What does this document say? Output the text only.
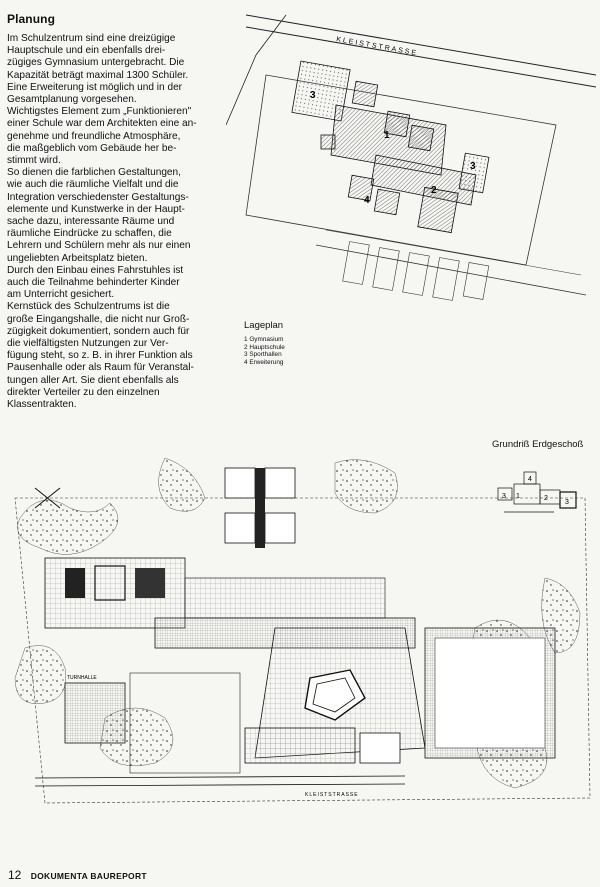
Planung

Im Schulzentrum sind eine dreizügige
Hauptschule und ein ebenfalls drei-
zügiges Gymnasium untergebracht. Die
Kapazität beträgt maximal 1300 Schüler.
Eine Erweiterung ist möglich und in der
Gesamtplanung vorgesehen.
Wichtigstes Element zum „Funktionieren"
einer Schule war dem Architekten eine an-
genehme und freundliche Atmosphäre,
die maßgeblich vom Gebäude her be-
stimmt wird.

So dienen die farblichen Gestaltungen,
wie auch die räumliche Vielfalt und die
Integration verschiedenster Gestaltungs-
elemente und Kunstwerke in der Haupt-
sache dazu, interessante Räume und
räumliche Eindrücke zu schaffen, die
Lehrern und Schülern mehr als nur einen
ungeliebten Arbeitsplatz bieten.
Durch den Einbau eines Fahrstuhles ist
auch die Teilnahme behinderter Kinder
am Unterricht gesichert.
Kernstück des Schulzentrums ist die
große Eingangshalle, die nicht nur Groß-
zügigkeit dokumentiert, sondern auch für
die vielfältigsten Nutzungen zur Ver-
fügung steht, so z. B. in ihrer Funktion als
Pausenhalle oder als Raum für Veranstal-
tungen aller Art. Sie dient ebenfalls als
direkter Verteiler zu den einzelnen
Klassentrakten.

KLEISTSTRASSE
1
2
3
3
4
Lageplan
1 Gymnasium
2 Hauptschule
3 Sporthallen
4 Erweiterung
Grundriß Erdgeschoß
1	2
3
3
4
TURNHALLE
KLEISTSTRASSE
12 DOKUMENTA BAUREPORT
